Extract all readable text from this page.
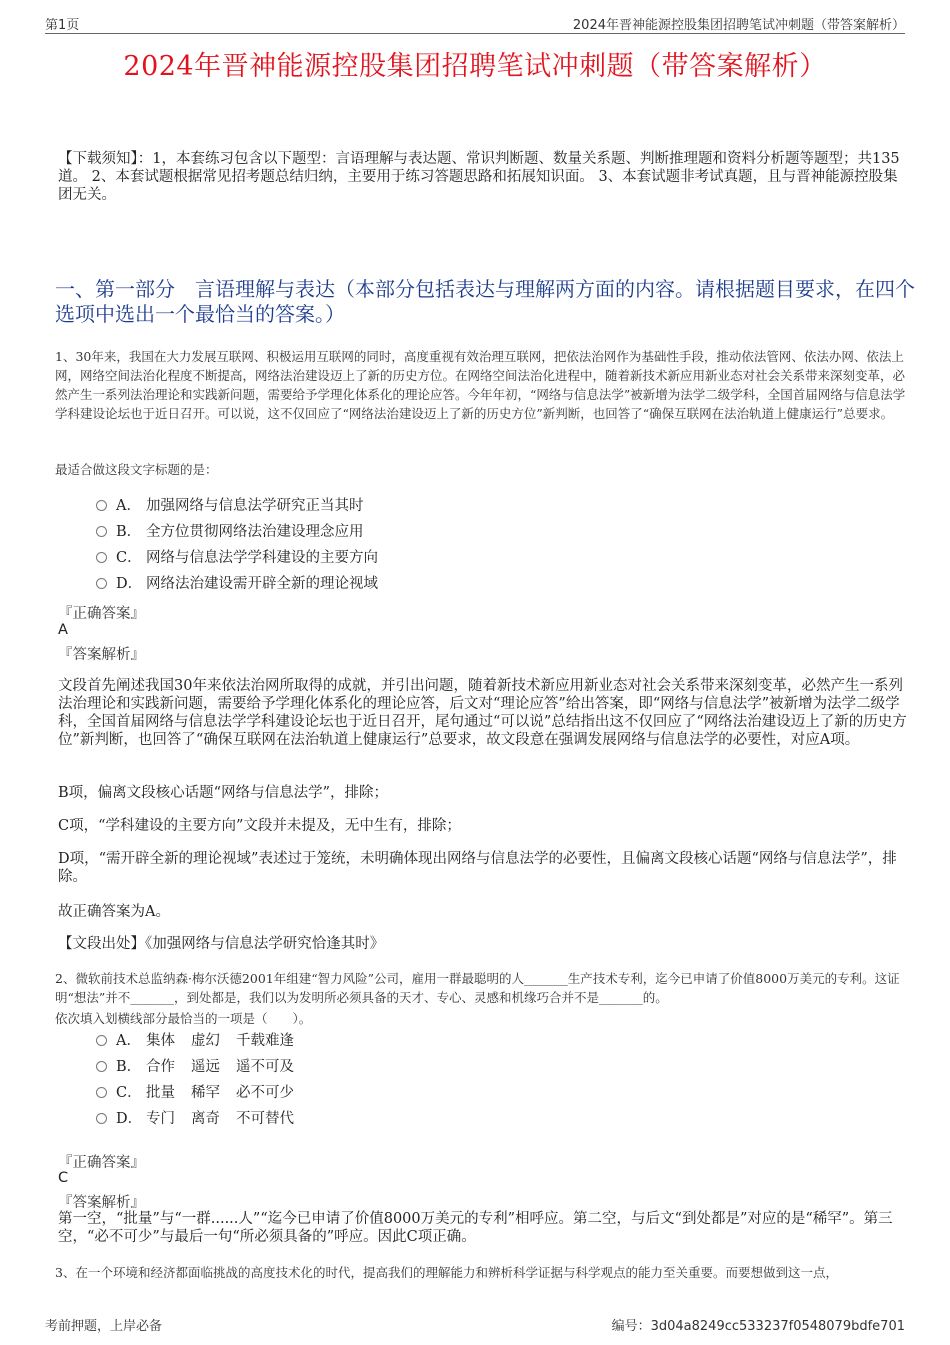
第1页	2024年晋神能源控股集团招聘笔试冲刺题（带答案解析）
2024年晋神能源控股集团招聘笔试冲刺题（带答案解析）
【下载须知】：1，本套练习包含以下题型：言语理解与表达题、常识判断题、数量关系题、判断推理题和资料分析题等题型；共135道。 2、本套试题根据常见招考题总结归纳，主要用于练习答题思路和拓展知识面。 3、本套试题非考试真题，且与晋神能源控股集团无关。
一、第一部分　言语理解与表达（本部分包括表达与理解两方面的内容。请根据题目要求，在四个选项中选出一个最恰当的答案。）
1、30年来，我国在大力发展互联网、积极运用互联网的同时，高度重视有效治理互联网，把依法治网作为基础性手段，推动依法管网、依法办网、依法上网，网络空间法治化程度不断提高，网络法治建设迈上了新的历史方位。在网络空间法治化进程中，随着新技术新应用新业态对社会关系带来深刻变革，必然产生一系列法治理论和实践新问题，需要给予学理化体系化的理论应答。今年年初，“网络与信息法学”被新增为法学二级学科，全国首届网络与信息法学学科建设论坛也于近日召开。可以说，这不仅回应了“网络法治建设迈上了新的历史方位”新判断，也回答了“确保互联网在法治轨道上健康运行”总要求。
最适合做这段文字标题的是：
A． 加强网络与信息法学研究正当其时
B． 全方位贯彻网络法治建设理念应用
C． 网络与信息法学学科建设的主要方向
D． 网络法治建设需开辟全新的理论视域
『正确答案』
A
『答案解析』
文段首先阐述我国30年来依法治网所取得的成就，并引出问题，随着新技术新应用新业态对社会关系带来深刻变革，必然产生一系列法治理论和实践新问题，需要给予学理化体系化的理论应答，后文对“理论应答”给出答案，即“网络与信息法学”被新增为法学二级学科，全国首届网络与信息法学学科建设论坛也于近日召开，尾句通过“可以说”总结指出这不仅回应了“网络法治建设迈上了新的历史方位”新判断，也回答了“确保互联网在法治轨道上健康运行”总要求，故文段意在强调发展网络与信息法学的必要性，对应A项。
B项，偏离文段核心话题“网络与信息法学”，排除；
C项，“学科建设的主要方向”文段并未提及，无中生有，排除；
D项，“需开辟全新的理论视域”表述过于笼统，未明确体现出网络与信息法学的必要性，且偏离文段核心话题“网络与信息法学”，排除。
故正确答案为A。
【文段出处】《加强网络与信息法学研究恰逢其时》
2、微软前技术总监纳森·梅尔沃德2001年组建“智力风险”公司，雇用一群最聪明的人_______生产技术专利，迄今已申请了价值8000万美元的专利。这证明“想法”并不_______，到处都是，我们以为发明所必须具备的天才、专心、灵感和机缘巧合并不是_______的。
依次填入划横线部分最恰当的一项是（　　）。
A． 集体 虚幻 千载难逢
B． 合作 遥远 遥不可及
C． 批量 稀罕 必不可少
D． 专门 离奇 不可替代
『正确答案』
C
『答案解析』
第一空，“批量”与“一群......人”“迄今已申请了价值8000万美元的专利”相呼应。第二空，与后文“到处都是”对应的是“稀罕”。第三空，“必不可少”与最后一句“所必须具备的”呼应。因此C项正确。
3、在一个环境和经济都面临挑战的高度技术化的时代，提高我们的理解能力和辨析科学证据与科学观点的能力至关重要。而要想做到这一点，
考前押题，上岸必备	编号：3d04a8249cc533237f0548079bdfe701
